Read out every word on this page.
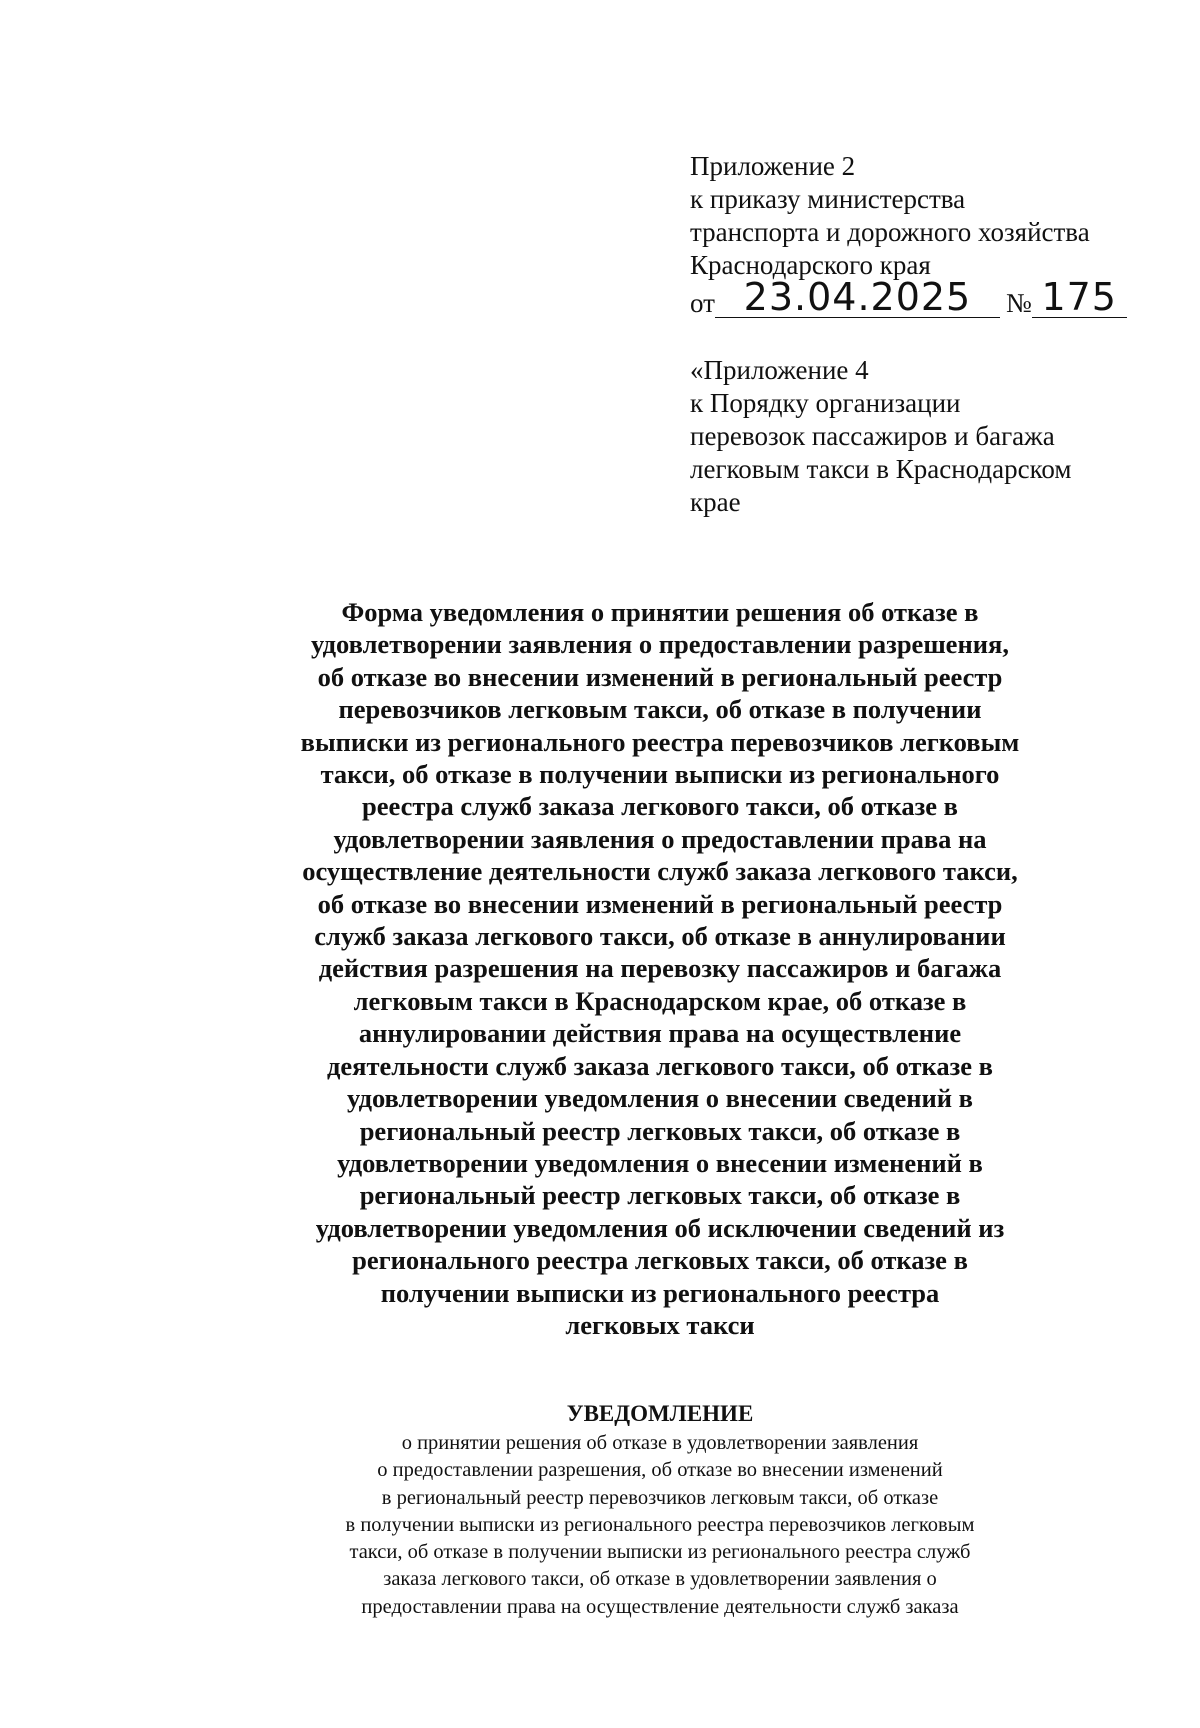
Приложение 2
к приказу министерства
транспорта и дорожного хозяйства
Краснодарского края
от 23.04.2025	№ 175
«Приложение 4
к Порядку организации
перевозок пассажиров и багажа
легковым такси в Краснодарском
крае
Форма уведомления о принятии решения об отказе в
удовлетворении заявления о предоставлении разрешения,
об отказе во внесении изменений в региональный реестр
перевозчиков легковым такси, об отказе в получении
выписки из регионального реестра перевозчиков легковым
такси, об отказе в получении выписки из регионального
реестра служб заказа легкового такси, об отказе в
удовлетворении заявления о предоставлении права на
осуществление деятельности служб заказа легкового такси,
об отказе во внесении изменений в региональный реестр
служб заказа легкового такси, об отказе в аннулировании
действия разрешения на перевозку пассажиров и багажа
легковым такси в Краснодарском крае, об отказе в
аннулировании действия права на осуществление
деятельности служб заказа легкового такси, об отказе в
удовлетворении уведомления о внесении сведений в
региональный реестр легковых такси, об отказе в
удовлетворении уведомления о внесении изменений в
региональный реестр легковых такси, об отказе в
удовлетворении уведомления об исключении сведений из
регионального реестра легковых такси, об отказе в
получении выписки из регионального реестра
легковых такси
УВЕДОМЛЕНИЕ
о принятии решения об отказе в удовлетворении заявления
о предоставлении разрешения, об отказе во внесении изменений
в региональный реестр перевозчиков легковым такси, об отказе
в получении выписки из регионального реестра перевозчиков легковым
такси, об отказе в получении выписки из регионального реестра служб
заказа легкового такси, об отказе в удовлетворении заявления о
предоставлении права на осуществление деятельности служб заказа
